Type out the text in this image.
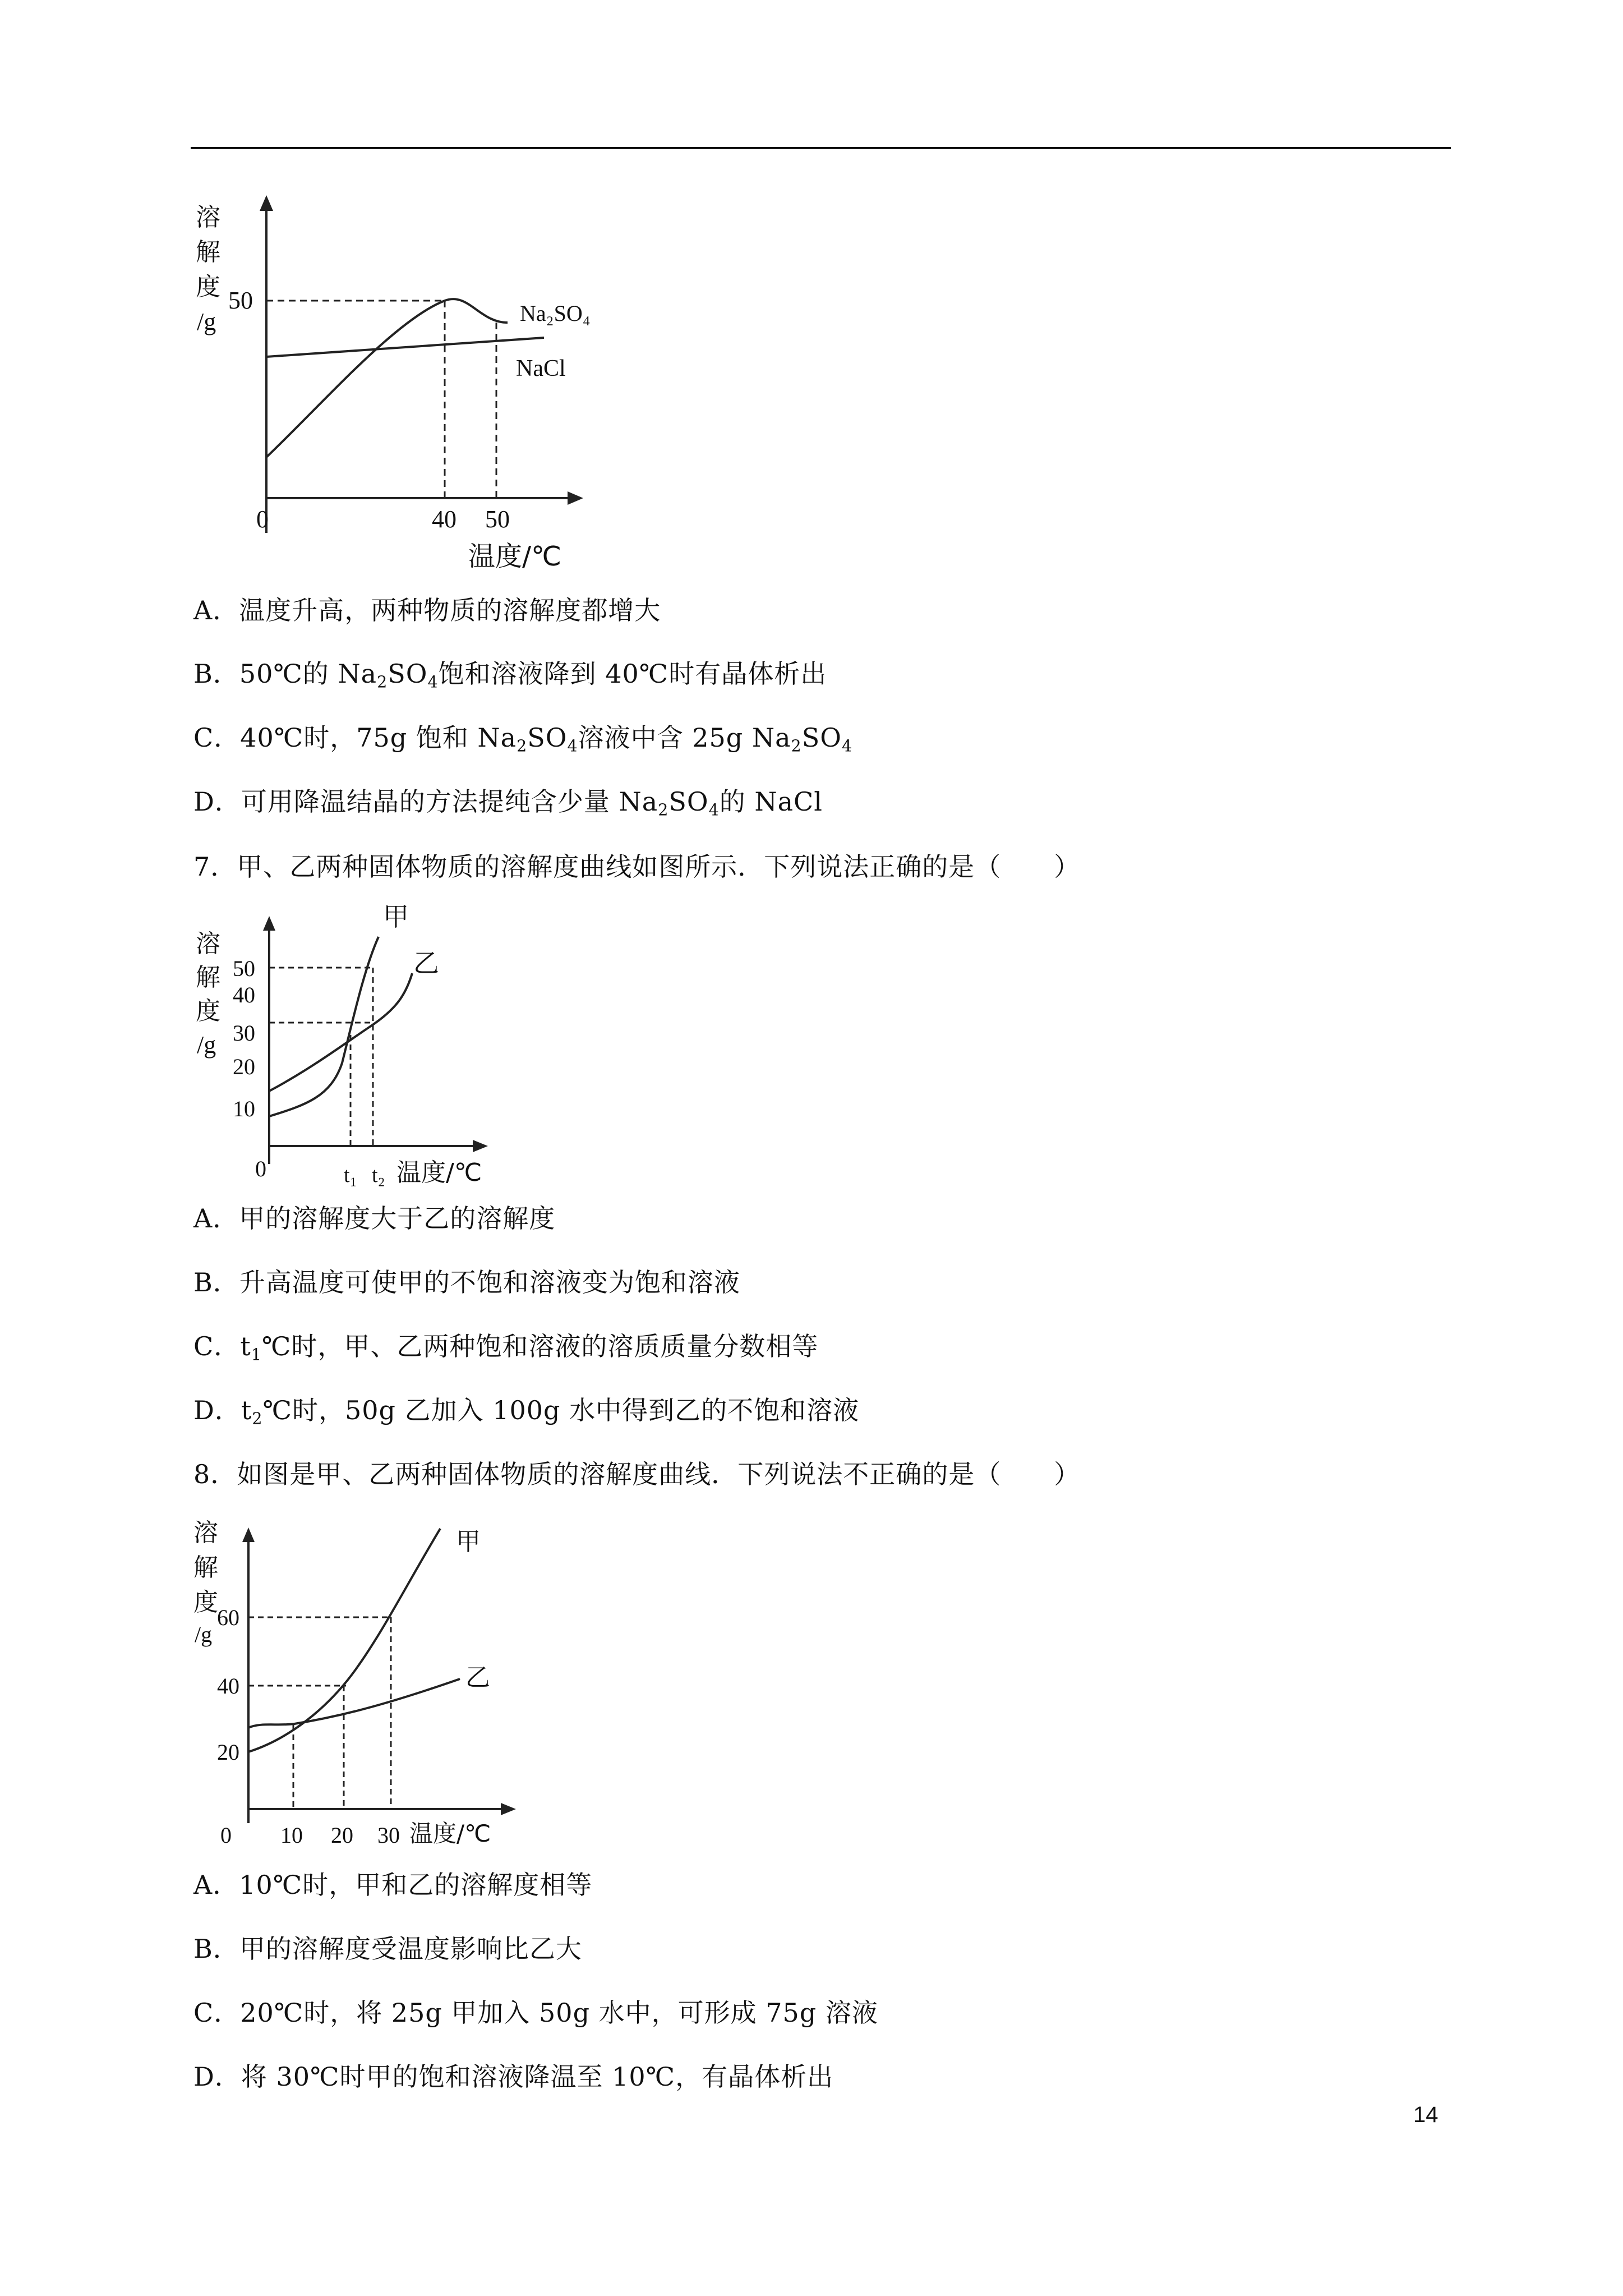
溶
解
度
/g
50
0	40 50
温度/℃
Na₂SO₄
NaCl
A．温度升高，两种物质的溶解度都增大
B．50℃的 $Na_2SO_4$饱和溶液降到 40℃时有晶体析出
C．40℃时，75g 饱和 $Na_2SO_4$溶液中含 25g $Na_2SO_4$
D．可用降温结晶的方法提纯含少量 $Na_2SO_4$的 NaCl
7．甲、乙两种固体物质的溶解度曲线如图所示．下列说法正确的是（　　）
溶
解
度
/g
50
40
30
20
10
0	t₁ t₂ 温度/℃
甲
乙
A．甲的溶解度大于乙的溶解度
B．升高温度可使甲的不饱和溶液变为饱和溶液
C．$t_1℃$时，甲、乙两种饱和溶液的溶质质量分数相等
D．$t_2℃$时，50g 乙加入 100g 水中得到乙的不饱和溶液
8．如图是甲、乙两种固体物质的溶解度曲线．下列说法不正确的是（　　）
溶
解
度
/g
60
40
20
0 10 20 30 温度/℃
甲
乙
A．10℃时，甲和乙的溶解度相等
B．甲的溶解度受温度影响比乙大
C．20℃时，将 25g 甲加入 50g 水中，可形成 75g 溶液
D．将 30℃时甲的饱和溶液降温至 10℃，有晶体析出
14
